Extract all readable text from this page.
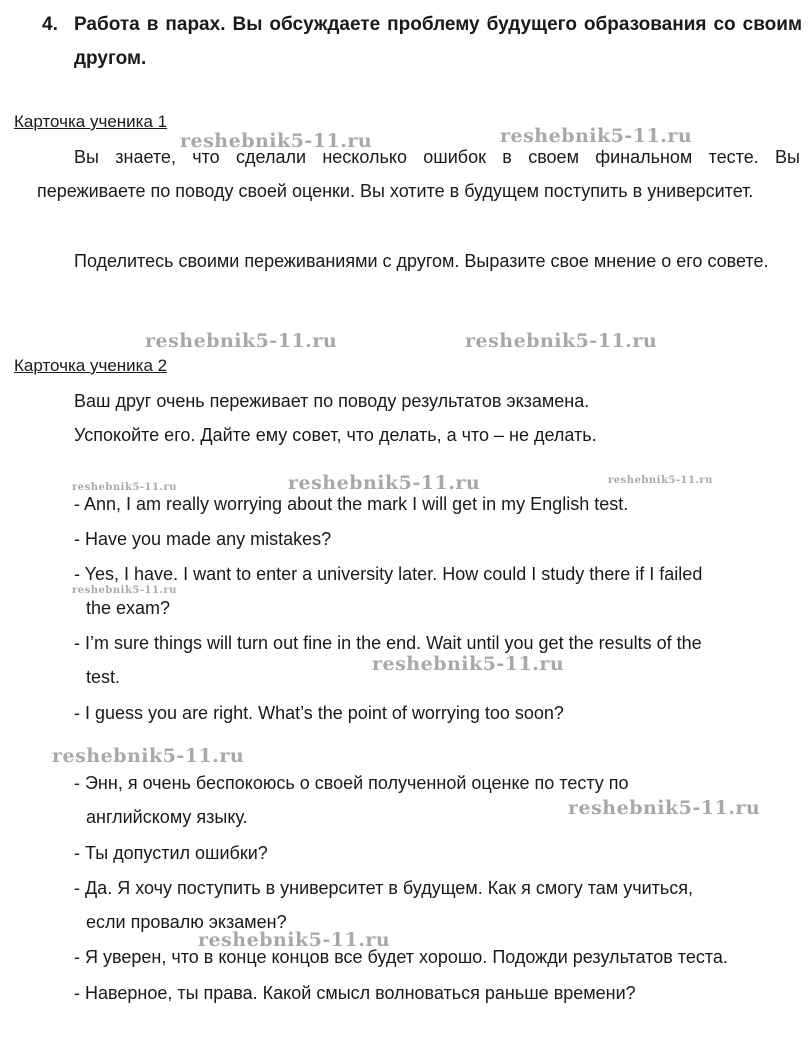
4. Работа в парах. Вы обсуждаете проблему будущего образования со своим другом.
Карточка ученика 1
Вы знаете, что сделали несколько ошибок в своем финальном тесте. Вы переживаете по поводу своей оценки. Вы хотите в будущем поступить в университет.
Поделитесь своими переживаниями с другом. Выразите свое мнение о его совете.
Карточка ученика 2
Ваш друг очень переживает по поводу результатов экзамена.
Успокойте его. Дайте ему совет, что делать, а что – не делать.
- Ann, I am really worrying about the mark I will get in my English test.
- Have you made any mistakes?
- Yes, I have. I want to enter a university later. How could I study there if I failed
the exam?
- I’m sure things will turn out fine in the end. Wait until you get the results of the
test.
- I guess you are right. What’s the point of worrying too soon?
- Энн, я очень беспокоюсь о своей полученной оценке по тесту по
английскому языку.
- Ты допустил ошибки?
- Да. Я хочу поступить в университет в будущем. Как я смогу там учиться,
если провалю экзамен?
- Я уверен, что в конце концов все будет хорошо. Подожди результатов теста.
- Наверное, ты права. Какой смысл волноваться раньше времени?
reshebnik5-11.ru	reshebnik5-11.ru
reshebnik5-11.ru	reshebnik5-11.ru
reshebnik5-11.ru	reshebnik5-11.ru	reshebnik5-11.ru
reshebnik5-11.ru
reshebnik5-11.ru
reshebnik5-11.ru
reshebnik5-11.ru
reshebnik5-11.ru
